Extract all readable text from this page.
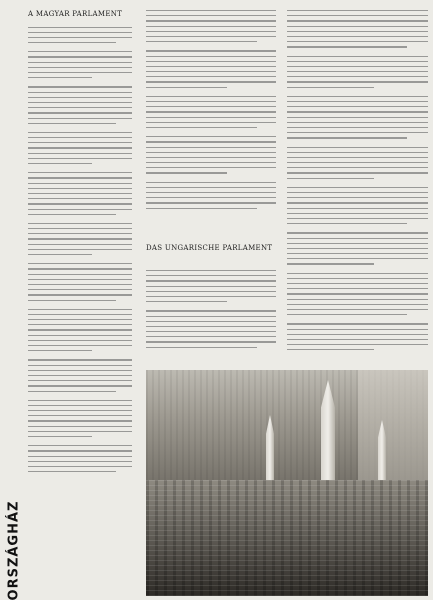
ORSZÁGHÁZ
A MAGYAR PARLAMENT
DAS UNGARISCHE PARLAMENT
